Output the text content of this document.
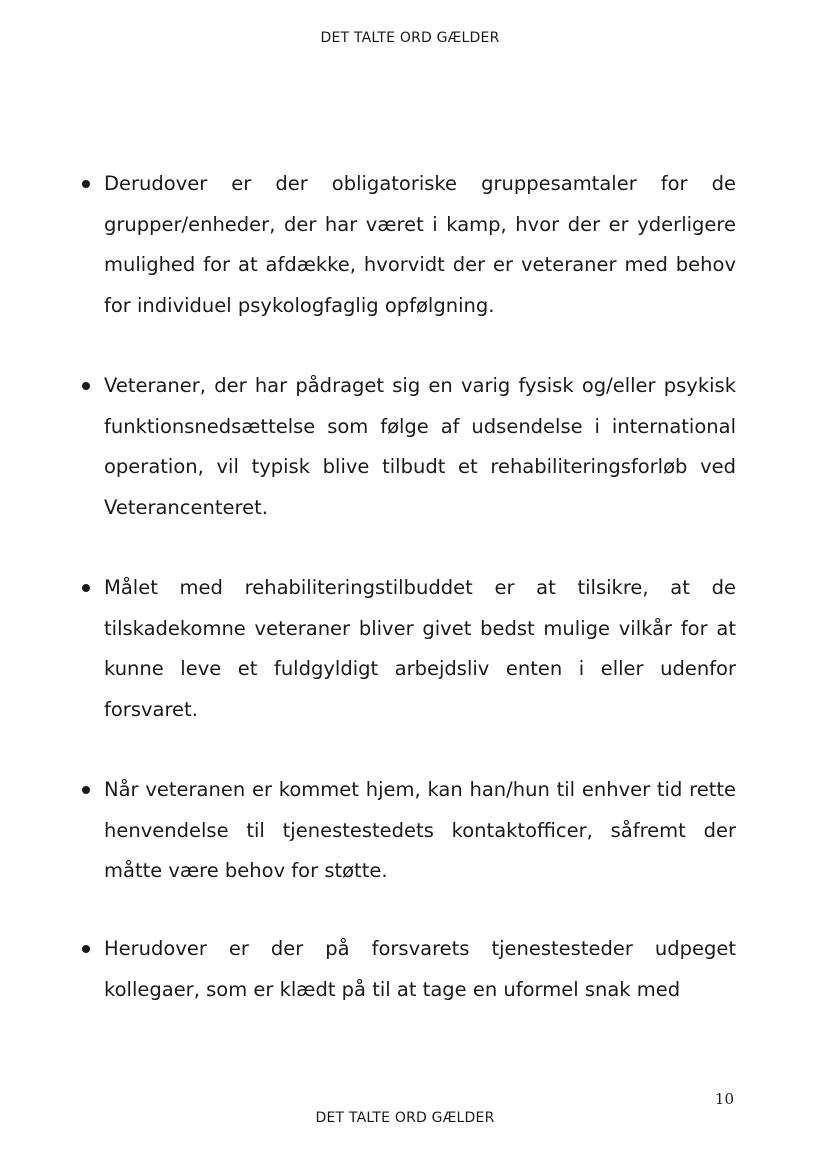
DET TALTE ORD GÆLDER
Derudover er der obligatoriske gruppesamtaler for de grupper/enheder, der har været i kamp, hvor der er yderligere mulighed for at afdække, hvorvidt der er veteraner med behov for individuel psykologfaglig opfølgning.
Veteraner, der har pådraget sig en varig fysisk og/eller psykisk funktionsnedsættelse som følge af udsendelse i international operation, vil typisk blive tilbudt et rehabiliteringsforløb ved Veterancenteret.
Målet med rehabiliteringstilbuddet er at tilsikre, at de tilskadekomne veteraner bliver givet bedst mulige vilkår for at kunne leve et fuldgyldigt arbejdsliv enten i eller udenfor forsvaret.
Når veteranen er kommet hjem, kan han/hun til enhver tid rette henvendelse til tjenestestedets kontaktofficer, såfremt der måtte være behov for støtte.
Herudover er der på forsvarets tjenestesteder udpeget kollegaer, som er klædt på til at tage en uformel snak med
10
DET TALTE ORD GÆLDER
